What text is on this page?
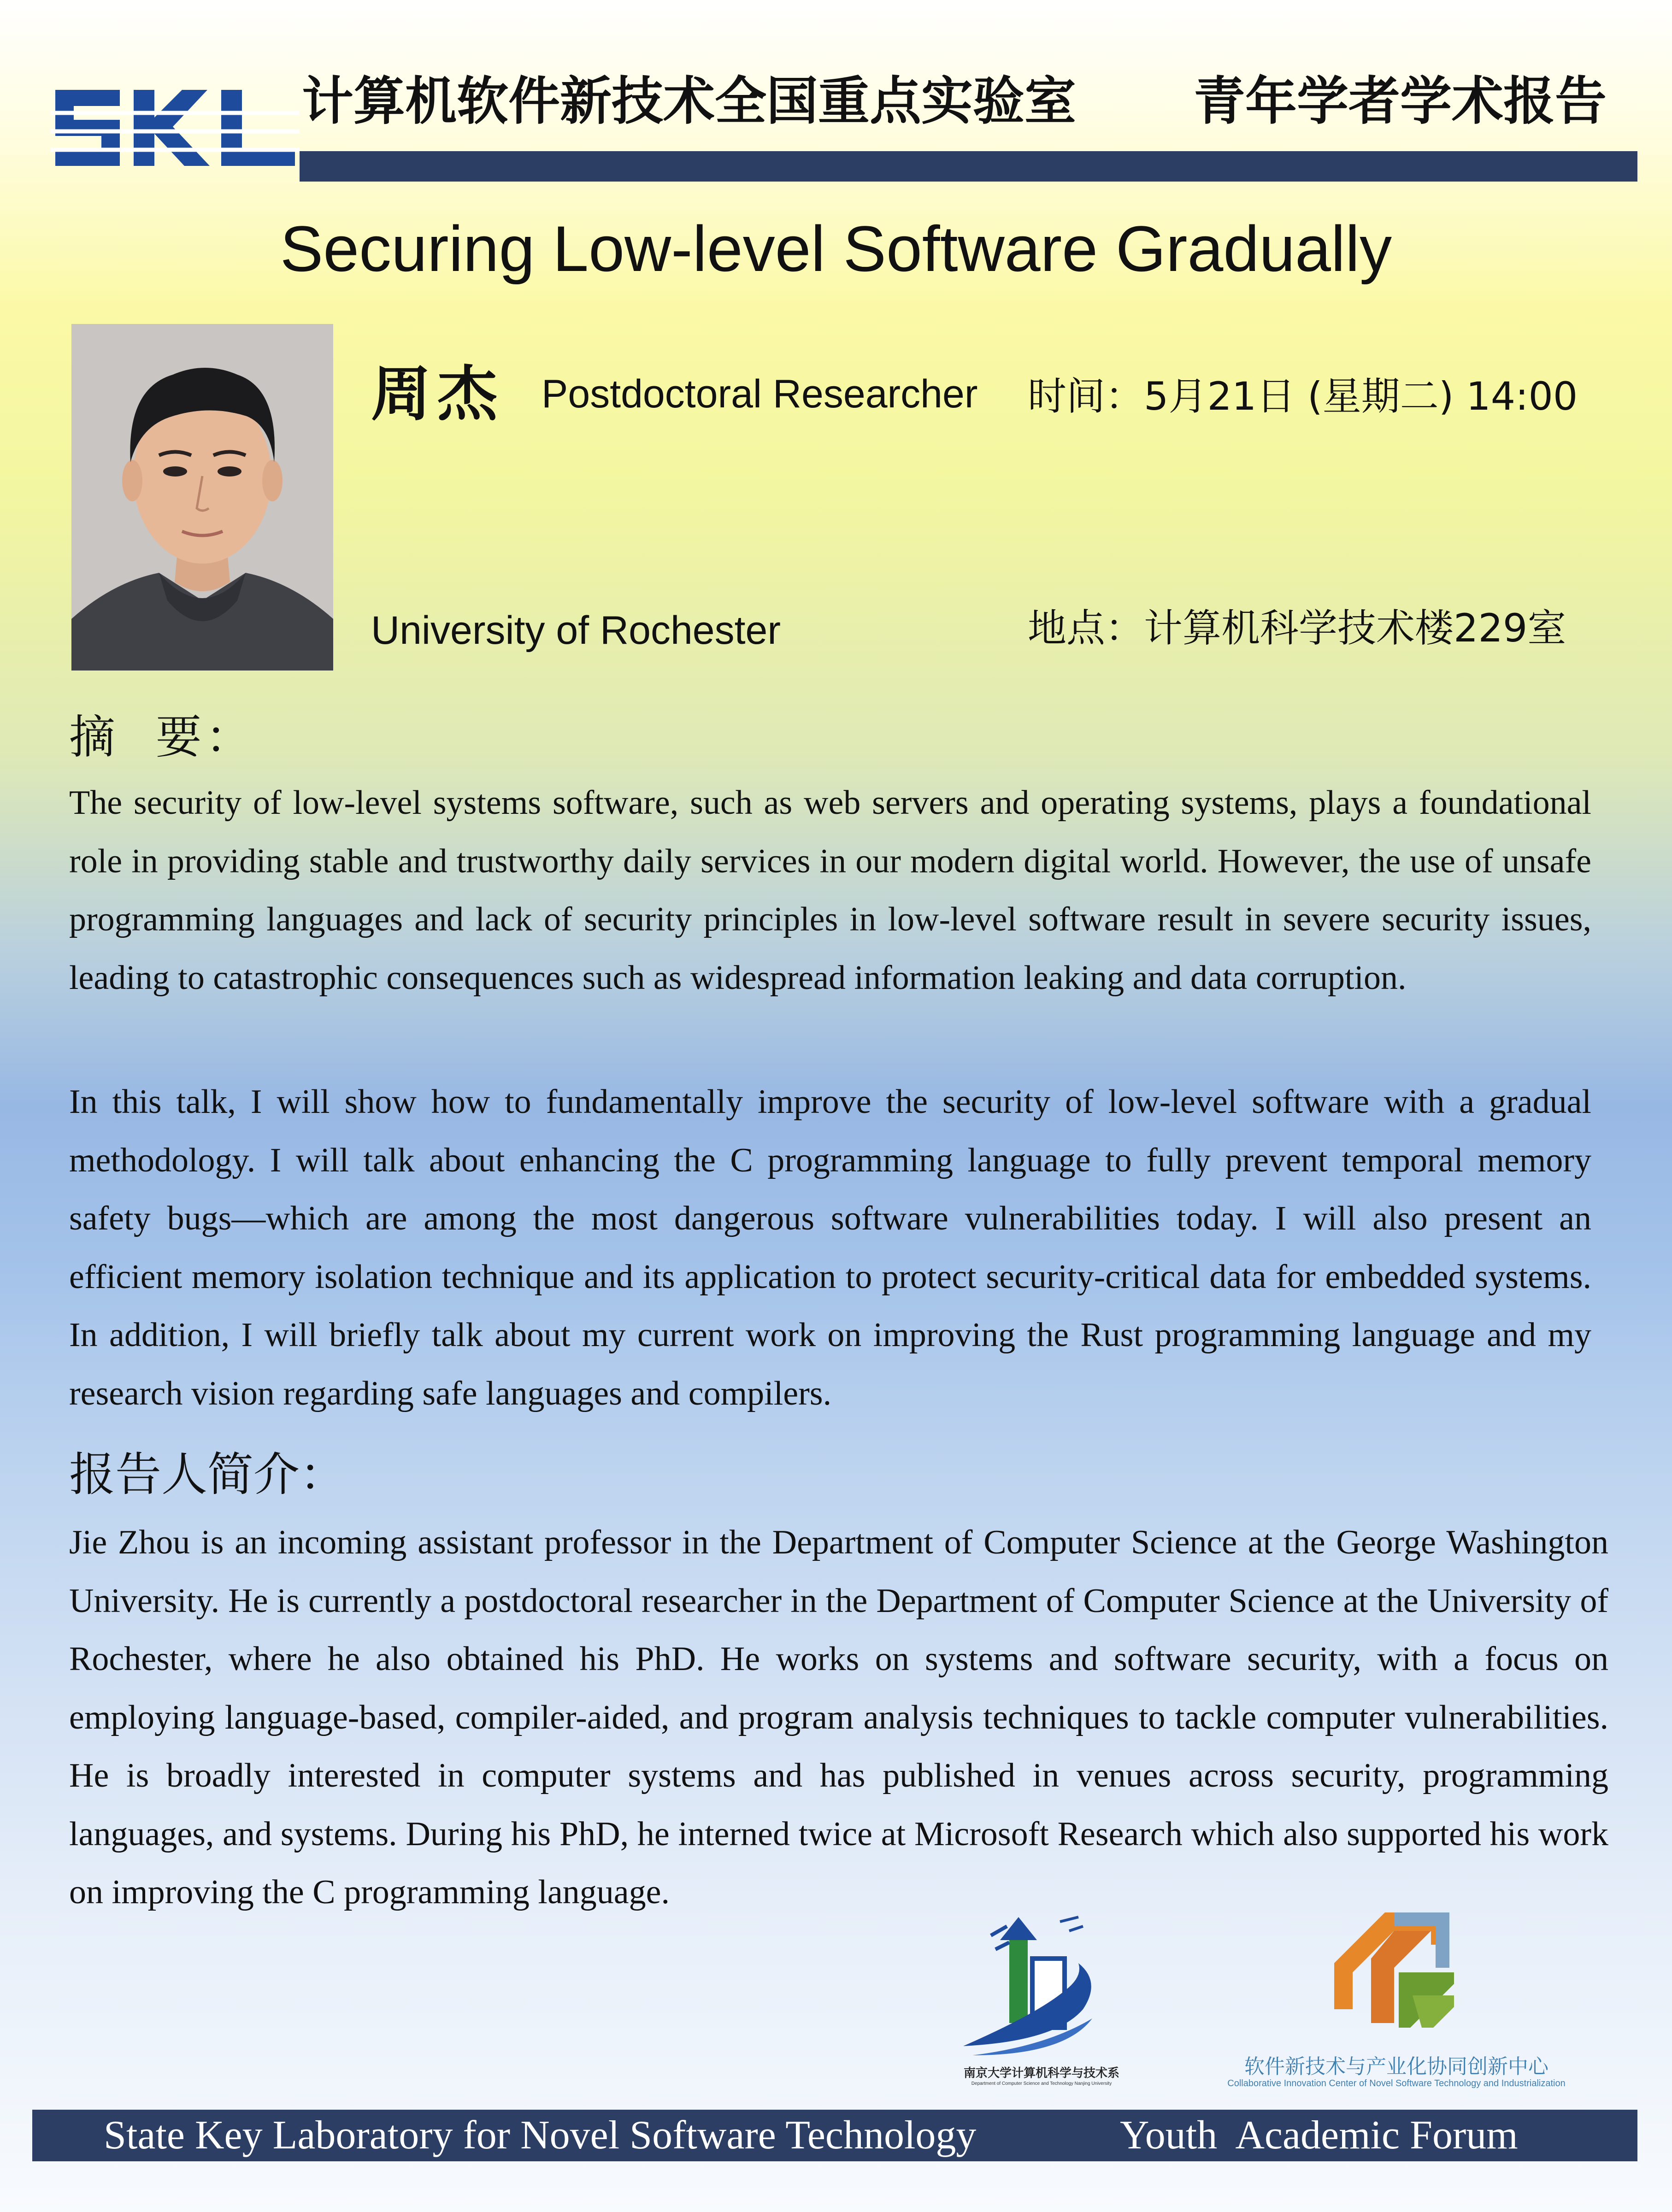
计算机软件新技术全国重点实验室 青年学者学术报告
Securing Low-level Software Gradually
周杰 Postdoctoral Researcher
University of Rochester
时间：5月21日 (星期二) 14:00
地点：计算机科学技术楼229室
摘  要：
The security of low-level systems software, such as web servers and operating systems, plays a foundational role in providing stable and trustworthy daily services in our modern digital world. However, the use of unsafe programming languages and lack of security principles in low-level software result in severe security issues, leading to catastrophic consequences such as widespread information leaking and data corruption.
In this talk, I will show how to fundamentally improve the security of low-level software with a gradual methodology. I will talk about enhancing the C programming language to fully prevent temporal memory safety bugs—which are among the most dangerous software vulnerabilities today. I will also present an efficient memory isolation technique and its application to protect security-critical data for embedded systems. In addition, I will briefly talk about my current work on improving the Rust programming language and my research vision regarding safe languages and compilers.
报告人简介：
Jie Zhou is an incoming assistant professor in the Department of Computer Science at the George Washington University. He is currently a postdoctoral researcher in the Department of Computer Science at the University of Rochester, where he also obtained his PhD. He works on systems and software security, with a focus on employing language-based, compiler-aided, and program analysis techniques to tackle computer vulnerabilities. He is broadly interested in computer systems and has published in venues across security, programming languages, and systems. During his PhD, he interned twice at Microsoft Research which also supported his work on improving the C programming language.
南京大学计算机科学与技术系
Department of Computer Science and Technology Nanjing University
软件新技术与产业化协同创新中心
Collaborative Innovation Center of Novel Software Technology and Industrialization
State Key Laboratory for Novel Software Technology	Youth  Academic Forum
